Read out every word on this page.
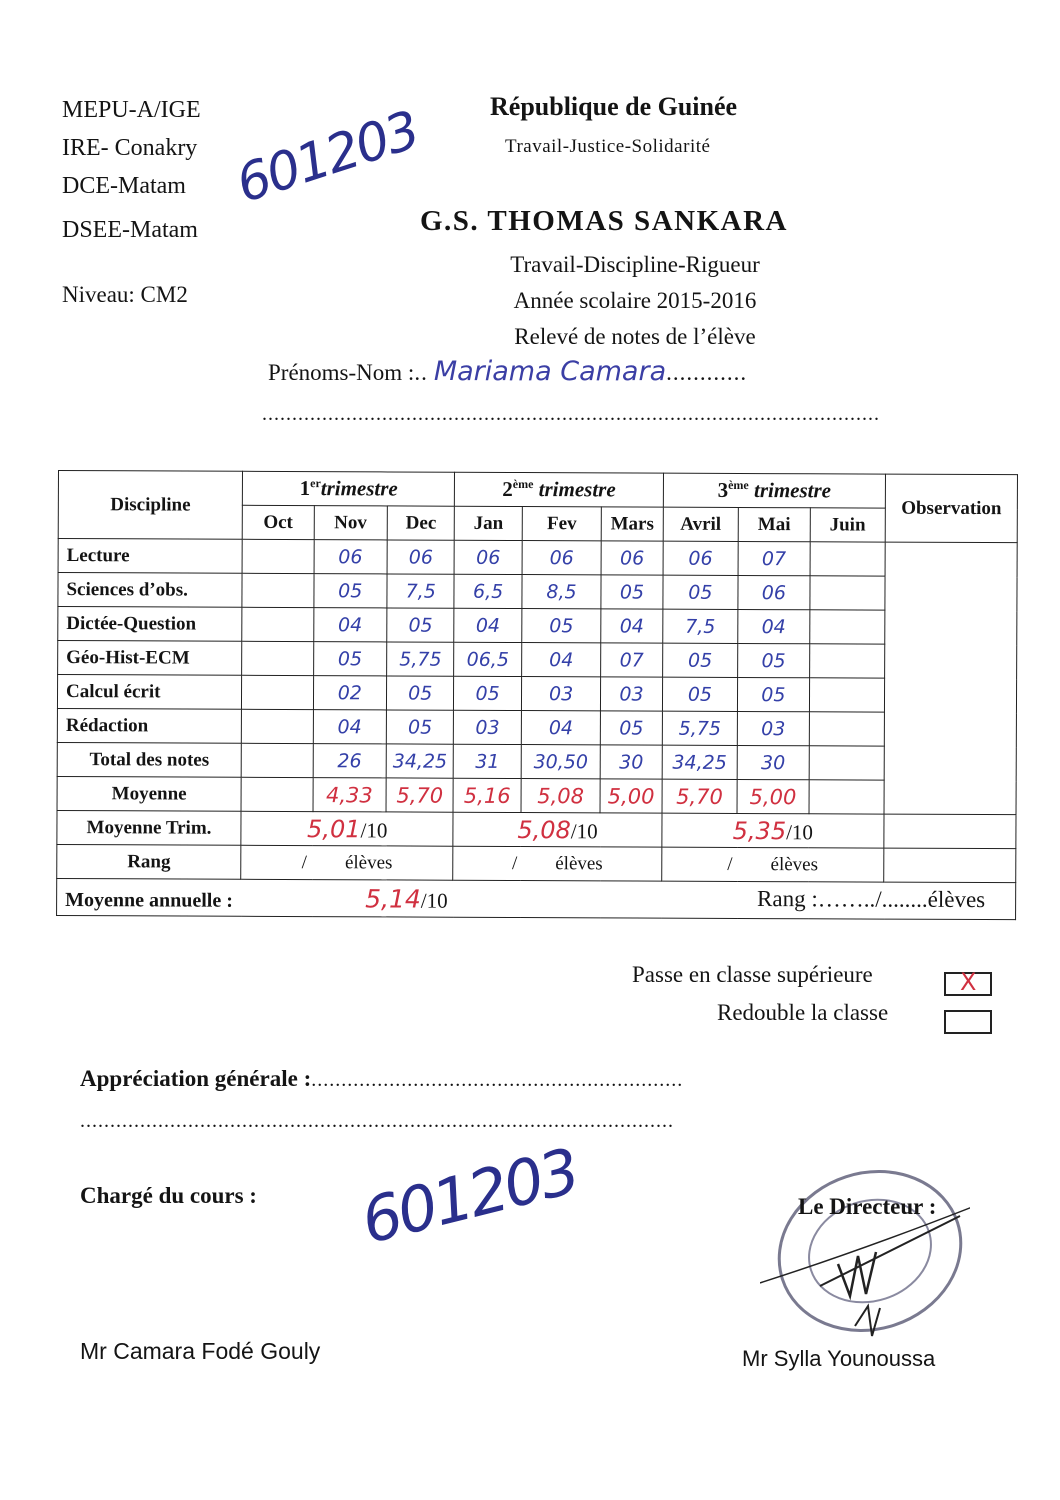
MEPU-A/IGE
IRE- Conakry
DCE-Matam
DSEE-Matam
Niveau: CM2
601203 République de Guinée
Travail-Justice-Solidarité
G.S. THOMAS SANKARA
Travail-Discipline-Rigueur
Année scolaire 2015-2016
Relevé de notes de l’élève
Prénoms-Nom :.. Mariama Camara............
.......................................................................................................
Discipline	1ertrimestre			2ème trimestre			3ème trimestre			Observation
	Oct	Nov	Dec	Jan	Fev	Mars	Avril	Mai	Juin	
Lecture		06	06	06	06	06	06	07		
Sciences d’obs.		05	7,5	6,5	8,5	05	05	06		
Dictée-Question		04	05	04	05	04	7,5	04		
Géo-Hist-ECM		05	5,75	06,5	04	07	05	05		
Calcul écrit		02	05	05	03	03	05	05		
Rédaction		04	05	03	04	05	5,75	03		
Total des notes		26	34,25	31	30,50	30	34,25	30		
Moyenne		4,33	5,70	5,16	5,08	5,00	5,70	5,00		
Moyenne Trim.	5,01/10			5,08/10			5,35/10			
Rang	/ élèves			/ élèves			/ élèves			
Moyenne annuelle : 5,14/10 Rang :……../........élèves										
Passe en classe supérieure	X
Redouble la classe
Appréciation générale :..............................................................
...................................................................................................
Chargé du cours : 601203
Mr Camara Fodé Gouly
Le Directeur :
Mr Sylla Younoussa
